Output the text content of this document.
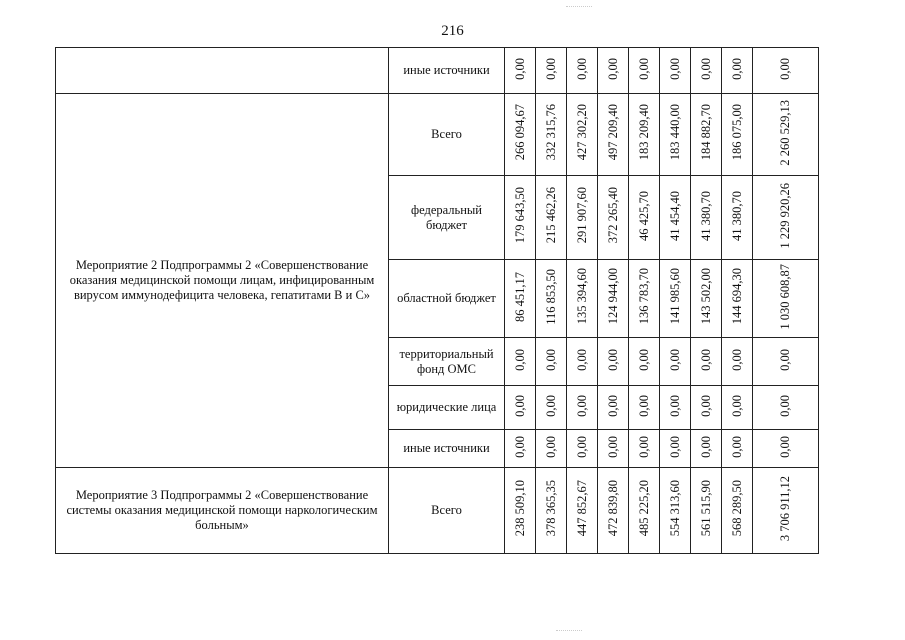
216
	иные источники	0,00	0,00	0,00	0,00	0,00	0,00	0,00	0,00	0,00
Мероприятие 2 Подпрограммы 2 «Совершенствование оказания медицинской помощи лицам, инфицированным вирусом иммунодефицита человека, гепатитами В и С»	Всего	266 094,67	332 315,76	427 302,20	497 209,40	183 209,40	183 440,00	184 882,70	186 075,00	2 260 529,13
	федеральный бюджет	179 643,50	215 462,26	291 907,60	372 265,40	46 425,70	41 454,40	41 380,70	41 380,70	1 229 920,26
	областной бюджет	86 451,17	116 853,50	135 394,60	124 944,00	136 783,70	141 985,60	143 502,00	144 694,30	1 030 608,87
	территориальный фонд ОМС	0,00	0,00	0,00	0,00	0,00	0,00	0,00	0,00	0,00
	юридические лица	0,00	0,00	0,00	0,00	0,00	0,00	0,00	0,00	0,00
	иные источники	0,00	0,00	0,00	0,00	0,00	0,00	0,00	0,00	0,00
Мероприятие 3 Подпрограммы 2 «Совершенствование системы оказания медицинской помощи наркологическим больным»	Всего	238 509,10	378 365,35	447 852,67	472 839,80	485 225,20	554 313,60	561 515,90	568 289,50	3 706 911,12
